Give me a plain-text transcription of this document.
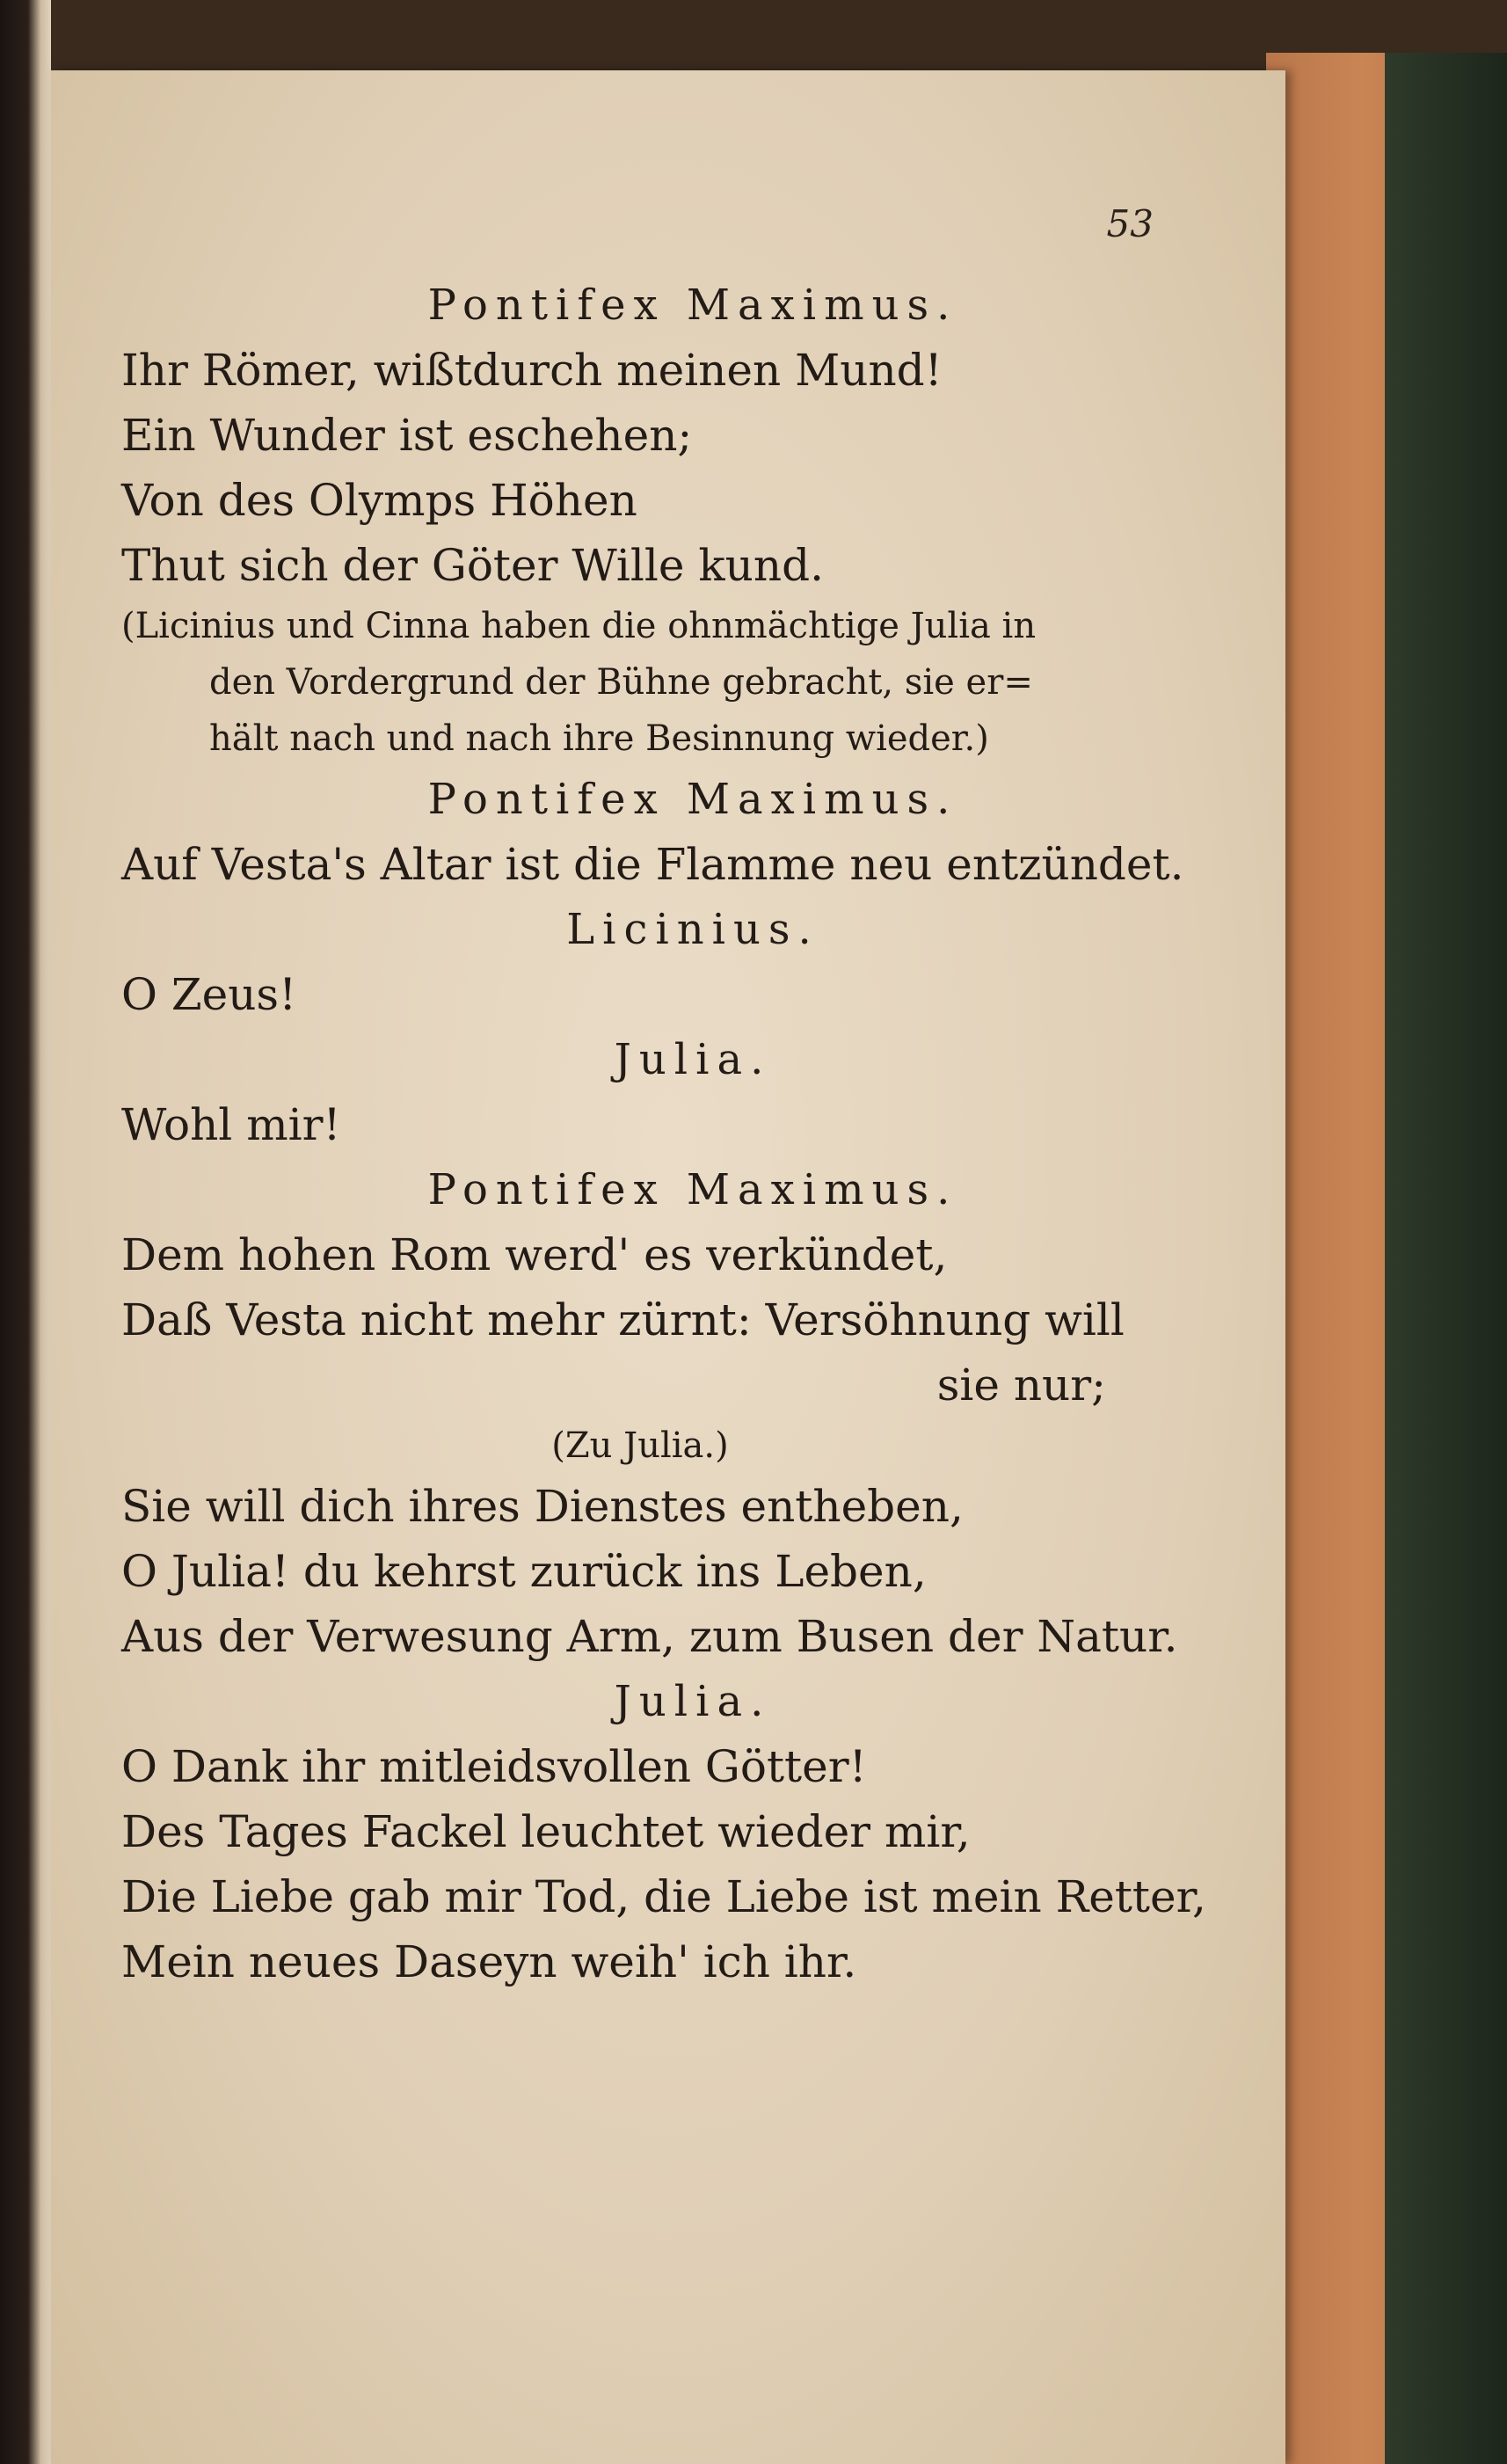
53
Pontifex Maximus.
Ihr Römer, wißtdurch meinen Mund!
Ein Wunder ist eschehen;
Von des Olymps Höhen
Thut sich der Göter Wille kund.
(Licinius und Cinna haben die ohnmächtige Julia in
den Vordergrund der Bühne gebracht, sie er=
hält nach und nach ihre Besinnung wieder.)
Pontifex Maximus.
Auf Vesta's Altar ist die Flamme neu entzündet.
Licinius.
O Zeus!
Julia.
Wohl mir!
Pontifex Maximus.
Dem hohen Rom werd' es verkündet,
Daß Vesta nicht mehr zürnt: Versöhnung will
sie nur;
(Zu Julia.)
Sie will dich ihres Dienstes entheben,
O Julia! du kehrst zurück ins Leben,
Aus der Verwesung Arm, zum Busen der Natur.
Julia.
O Dank ihr mitleidsvollen Götter!
Des Tages Fackel leuchtet wieder mir,
Die Liebe gab mir Tod, die Liebe ist mein Retter,
Mein neues Daseyn weih' ich ihr.
